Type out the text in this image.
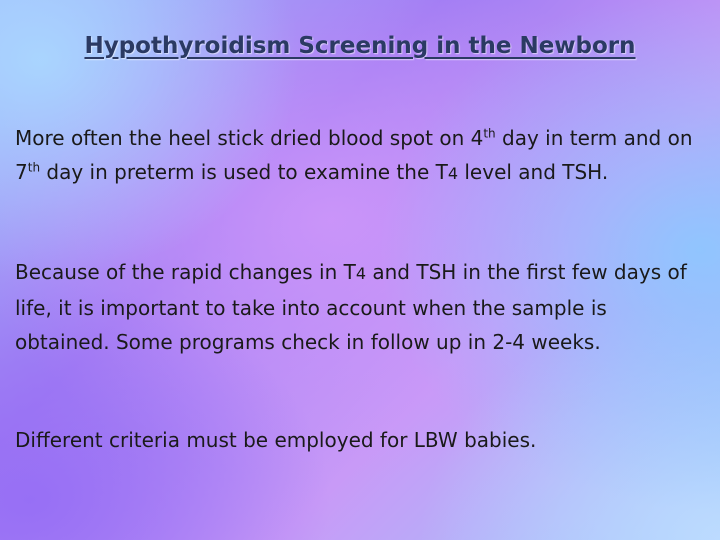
Hypothyroidism Screening in the Newborn

More often the heel stick dried blood spot on 4th day in term and on 7th day in preterm is used to examine the T4 level and TSH.

Because of the rapid changes in T4 and TSH in the first few days of life, it is important to take into account when the sample is obtained. Some programs check in follow up in 2-4 weeks.

Different criteria must be employed for LBW babies.
